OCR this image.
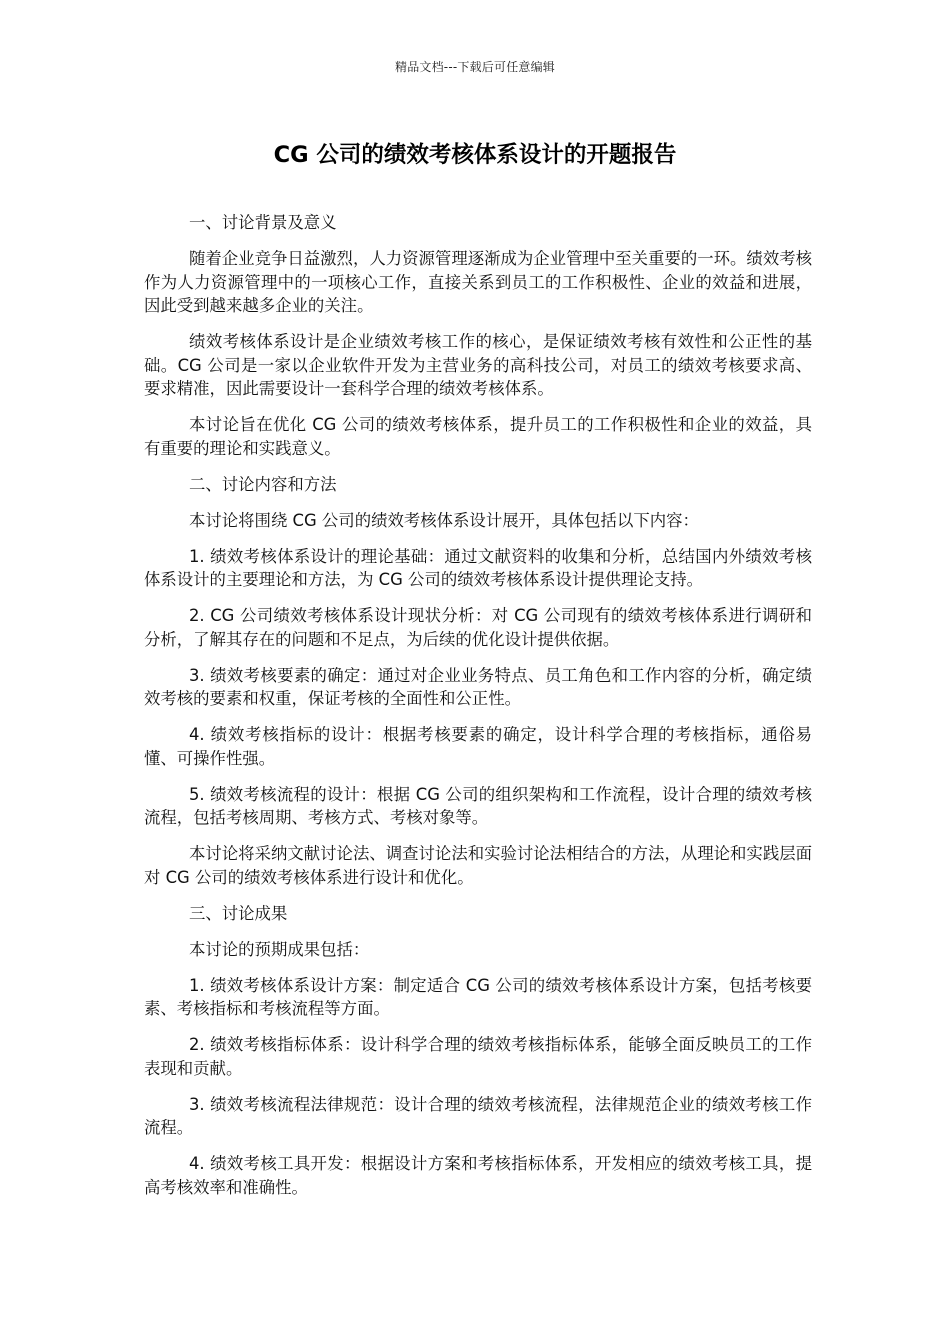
精品文档---下载后可任意编辑
CG 公司的绩效考核体系设计的开题报告

一、讨论背景及意义

随着企业竞争日益激烈，人力资源管理逐渐成为企业管理中至关重要的一环。绩效考核作为人力资源管理中的一项核心工作，直接关系到员工的工作积极性、企业的效益和进展，因此受到越来越多企业的关注。

绩效考核体系设计是企业绩效考核工作的核心，是保证绩效考核有效性和公正性的基础。CG 公司是一家以企业软件开发为主营业务的高科技公司，对员工的绩效考核要求高、要求精准，因此需要设计一套科学合理的绩效考核体系。

本讨论旨在优化 CG 公司的绩效考核体系，提升员工的工作积极性和企业的效益，具有重要的理论和实践意义。

二、讨论内容和方法

本讨论将围绕 CG 公司的绩效考核体系设计展开，具体包括以下内容：

1. 绩效考核体系设计的理论基础：通过文献资料的收集和分析，总结国内外绩效考核体系设计的主要理论和方法，为 CG 公司的绩效考核体系设计提供理论支持。

2. CG 公司绩效考核体系设计现状分析：对 CG 公司现有的绩效考核体系进行调研和分析，了解其存在的问题和不足点，为后续的优化设计提供依据。

3. 绩效考核要素的确定：通过对企业业务特点、员工角色和工作内容的分析，确定绩效考核的要素和权重，保证考核的全面性和公正性。

4. 绩效考核指标的设计：根据考核要素的确定，设计科学合理的考核指标，通俗易懂、可操作性强。

5. 绩效考核流程的设计：根据 CG 公司的组织架构和工作流程，设计合理的绩效考核流程，包括考核周期、考核方式、考核对象等。

本讨论将采纳文献讨论法、调查讨论法和实验讨论法相结合的方法，从理论和实践层面对 CG 公司的绩效考核体系进行设计和优化。

三、讨论成果

本讨论的预期成果包括：

1. 绩效考核体系设计方案：制定适合 CG 公司的绩效考核体系设计方案，包括考核要素、考核指标和考核流程等方面。

2. 绩效考核指标体系：设计科学合理的绩效考核指标体系，能够全面反映员工的工作表现和贡献。

3. 绩效考核流程法律规范：设计合理的绩效考核流程，法律规范企业的绩效考核工作流程。

4. 绩效考核工具开发：根据设计方案和考核指标体系，开发相应的绩效考核工具，提高考核效率和准确性。
